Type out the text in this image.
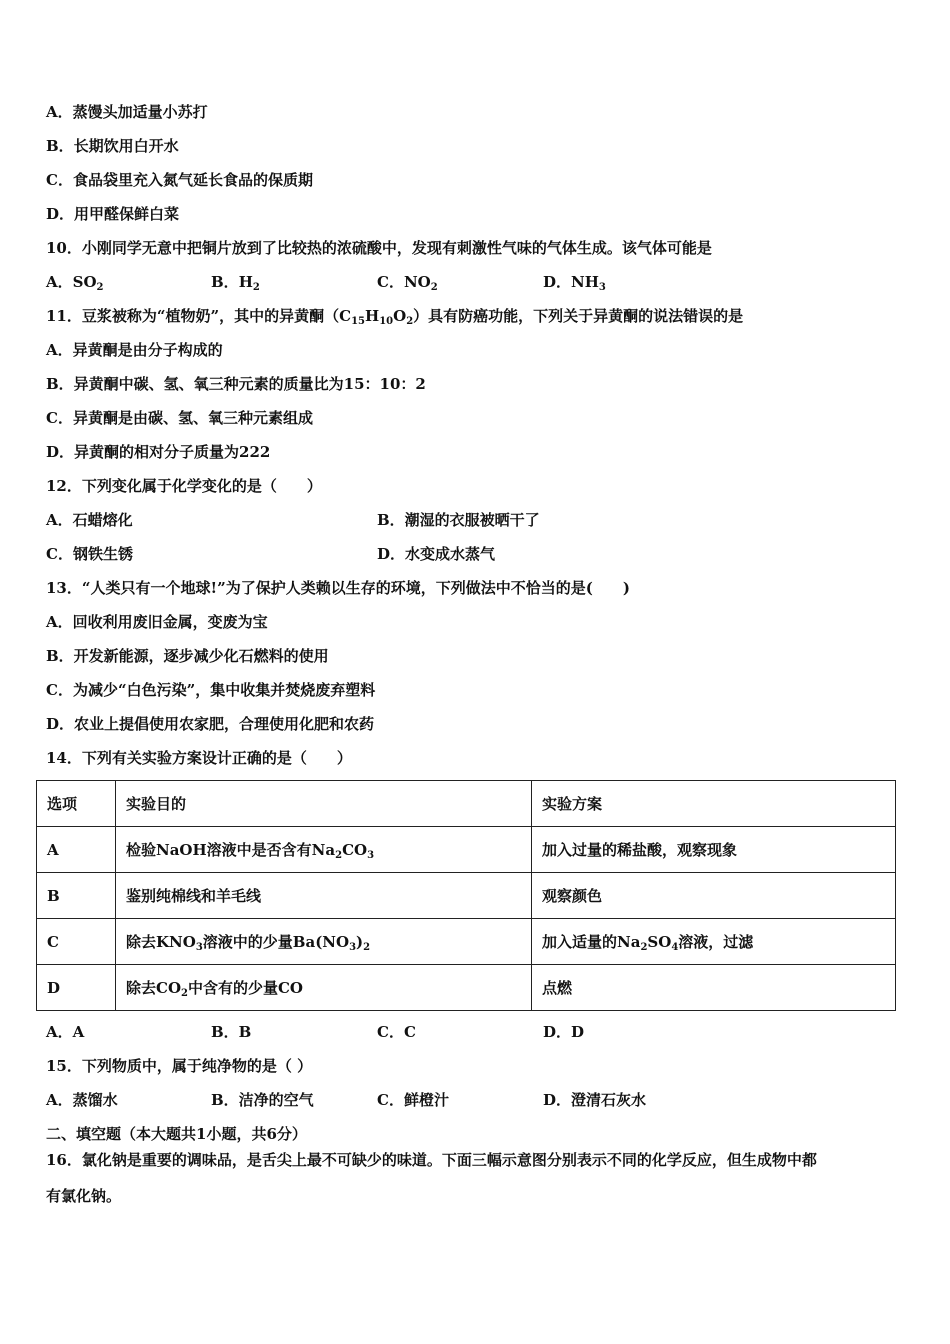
A．蒸馒头加适量小苏打
B．长期饮用白开水
C．食品袋里充入氮气延长食品的保质期
D．用甲醛保鲜白菜
10．小刚同学无意中把铜片放到了比较热的浓硫酸中，发现有刺激性气味的气体生成。该气体可能是
A．$SO_2$	B．$H_2$	C．$NO_2$	D．$NH_3$
11．豆浆被称为“植物奶”，其中的异黄酮$(C_{15}H_{10}O_2)$具有防癌功能，下列关于异黄酮的说法错误的是
A．异黄酮是由分子构成的
B．异黄酮中碳、氢、氧三种元素的质量比为15：10：2
C．异黄酮是由碳、氢、氧三种元素组成
D．异黄酮的相对分子质量为222
12．下列变化属于化学变化的是（　　）
A．石蜡熔化	B．潮湿的衣服被晒干了
C．钢铁生锈	D．水变成水蒸气
13．“人类只有一个地球!”为了保护人类赖以生存的环境，下列做法中不恰当的是(　　)
A．回收利用废旧金属，变废为宝
B．开发新能源，逐步减少化石燃料的使用
C．为减少“白色污染”，集中收集并焚烧废弃塑料
D．农业上提倡使用农家肥，合理使用化肥和农药
14．下列有关实验方案设计正确的是（　　）
选项	实验目的	实验方案
A	检验NaOH溶液中是否含有$Na_2CO_3$	加入过量的稀盐酸，观察现象
B	鉴别纯棉线和羊毛线	观察颜色
C	除去$KNO_3$溶液中的少量$Ba(NO_3)_2$	加入适量的$Na_2SO_4$溶液，过滤
D	除去$CO_2$中含有的少量CO	点燃
A．A	B．B	C．C	D．D
15．下列物质中，属于纯净物的是（ ）
A．蒸馏水	B．洁净的空气	C．鲜橙汁	D．澄清石灰水
二、填空题（本大题共1小题，共6分）
16．氯化钠是重要的调味品，是舌尖上最不可缺少的味道。下面三幅示意图分别表示不同的化学反应，但生成物中都
有氯化钠。
